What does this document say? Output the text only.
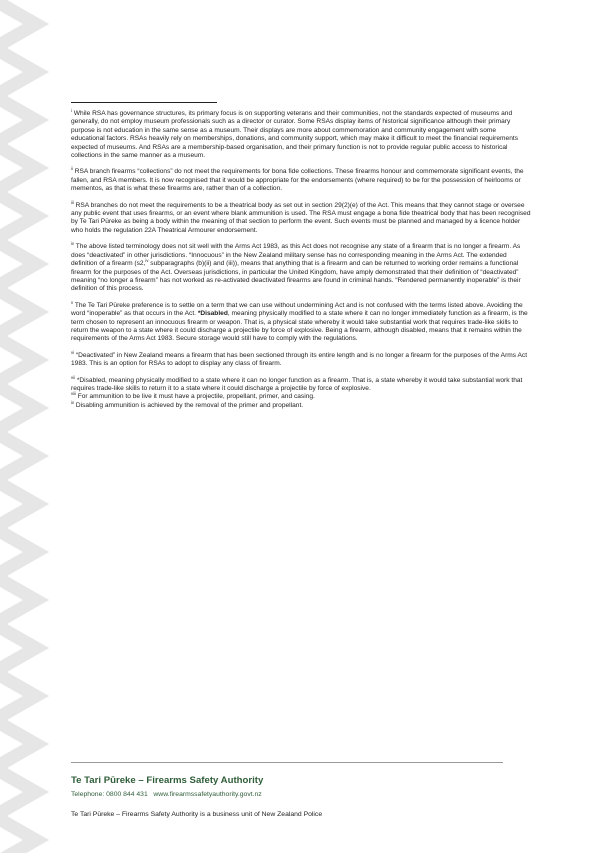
$^i$ While RSA has governance structures, its primary focus is on supporting veterans and their communities, not the standards expected of museums and generally, do not employ museum professionals such as a director or curator. Some RSAs display items of historical significance although their primary purpose is not education in the same sense as a museum. Their displays are more about commemoration and community engagement with some educational factors. RSAs heavily rely on memberships, donations, and community support, which may make it difficult to meet the financial requirements expected of museums. And RSAs are a membership-based organisation, and their primary function is not to provide regular public access to historical collections in the same manner as a museum.

$^{ii}$ RSA branch firearms “collections” do not meet the requirements for bona fide collections. These firearms honour and commemorate significant events, the fallen, and RSA members. It is now recognised that it would be appropriate for the endorsements (where required) to be for the possession of heirlooms or mementos, as that is what these firearms are, rather than of a collection.

$^{iii}$ RSA branches do not meet the requirements to be a theatrical body as set out in section 29(2)(e) of the Act. This means that they cannot stage or oversee any public event that uses firearms, or an event where blank ammunition is used. The RSA must engage a bona fide theatrical body that has been recognised by Te Tari Pūreke as being a body within the meaning of that section to perform the event. Such events must be planned and managed by a licence holder who holds the regulation 22A Theatrical Armourer endorsement.

$^{iv}$ The above listed terminology does not sit well with the Arms Act 1983, as this Act does not recognise any state of a firearm that is no longer a firearm. As does “deactivated” in other jurisdictions. “Innocuous” in the New Zealand military sense has no corresponding meaning in the Arms Act. The extended definition of a firearm (s2,$^{iv}$ subparagraphs (b)(ii) and (iii)), means that anything that is a firearm and can be returned to working order remains a functional firearm for the purposes of the Act. Overseas jurisdictions, in particular the United Kingdom, have amply demonstrated that their definition of “deactivated” meaning “no longer a firearm” has not worked as re-activated deactivated firearms are found in criminal hands. “Rendered permanently inoperable” is their definition of this process.

$^v$ The Te Tari Pūreke preference is to settle on a term that we can use without undermining Act and is not confused with the terms listed above. Avoiding the word “inoperable” as that occurs in the Act. *Disabled, meaning physically modified to a state where it can no longer immediately function as a firearm, is the term chosen to represent an innocuous firearm or weapon. That is, a physical state whereby it would take substantial work that requires trade-like skills to return the weapon to a state where it could discharge a projectile by force of explosive. Being a firearm, although disabled, means that it remains within the requirements of the Arms Act 1983. Secure storage would still have to comply with the regulations.

$^{vi}$ “Deactivated” in New Zealand means a firearm that has been sectioned through its entire length and is no longer a firearm for the purposes of the Arms Act 1983. This is an option for RSAs to adopt to display any class of firearm.

$^{vii}$ *Disabled, meaning physically modified to a state where it can no longer function as a firearm. That is, a state whereby it would take substantial work that requires trade-like skills to return it to a state where it could discharge a projectile by force of explosive.

$^{viii}$ For ammunition to be live it must have a projectile, propellant, primer, and casing.

$^{ix}$ Disabling ammunition is achieved by the removal of the primer and propellant.

Te Tari Pūreke – Firearms Safety Authority
Telephone: 0800 844 431   www.firearmssafetyauthority.govt.nz
Te Tari Pūreke – Firearms Safety Authority is a business unit of New Zealand Police
